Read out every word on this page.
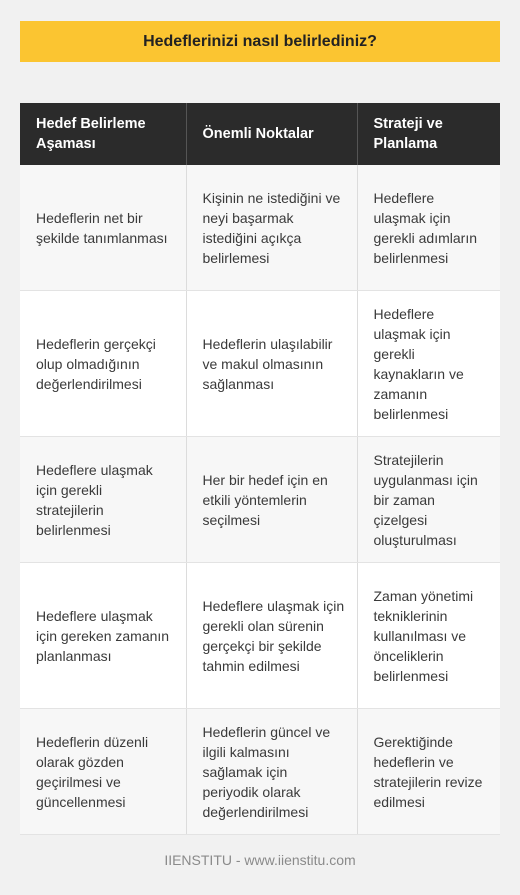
Hedeflerinizi nasıl belirlediniz?
Hedef Belirleme Aşaması	Önemli Noktalar	Strateji ve Planlama
Hedeflerin net bir şekilde tanımlanması	Kişinin ne istediğini ve neyi başarmak istediğini açıkça belirlemesi	Hedeflere ulaşmak için gerekli adımların belirlenmesi
Hedeflerin gerçekçi olup olmadığının değerlendirilmesi	Hedeflerin ulaşılabilir ve makul olmasının sağlanması	Hedeflere ulaşmak için gerekli kaynakların ve zamanın belirlenmesi
Hedeflere ulaşmak için gerekli stratejilerin belirlenmesi	Her bir hedef için en etkili yöntemlerin seçilmesi	Stratejilerin uygulanması için bir zaman çizelgesi oluşturulması
Hedeflere ulaşmak için gereken zamanın planlanması	Hedeflere ulaşmak için gerekli olan sürenin gerçekçi bir şekilde tahmin edilmesi	Zaman yönetimi tekniklerinin kullanılması ve önceliklerin belirlenmesi
Hedeflerin düzenli olarak gözden geçirilmesi ve güncellenmesi	Hedeflerin güncel ve ilgili kalmasını sağlamak için periyodik olarak değerlendirilmesi	Gerektiğinde hedeflerin ve stratejilerin revize edilmesi
IIENSTITU - www.iienstitu.com
